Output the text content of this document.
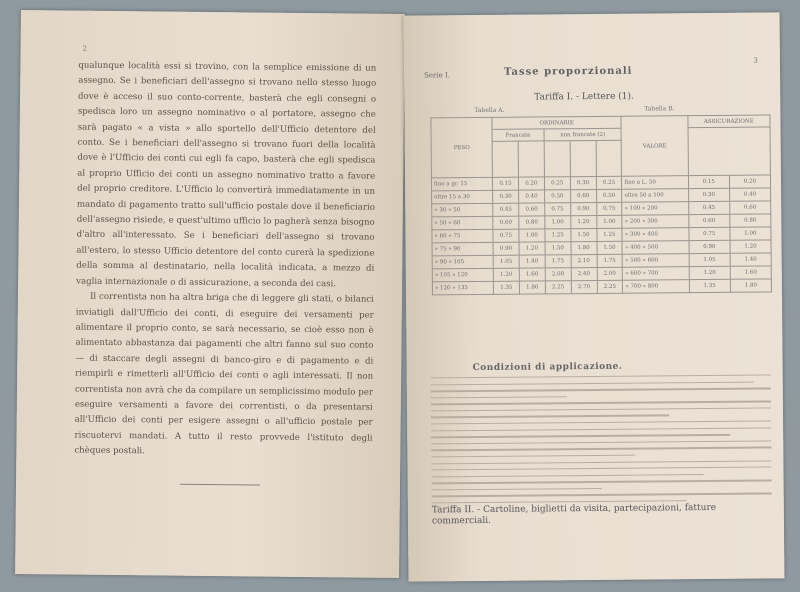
2

qualunque località essi si trovino, con la semplice emissione di un assegno. Se i beneficiari dell'assegno si trovano nello stesso luogo dove è acceso il suo conto-corrente, basterà che egli consegni o spedisca loro un assegno nominativo o al portatore, assegno che sarà pagato « a vista » allo sportello dell'Ufficio detentore del conto. Se i beneficiari dell'assegno si trovano fuori della località dove è l'Ufficio dei conti cui egli fa capo, basterà che egli spedisca al proprio Ufficio dei conti un assegno nominativo tratto a favore del proprio creditore. L'Ufficio lo convertirà immediatamente in un mandato di pagamento tratto sull'ufficio postale dove il beneficiario dell'assegno risiede, e quest'ultimo ufficio lo pagherà senza bisogno d'altro all'interessato. Se i beneficiari dell'assegno si trovano all'estero, lo stesso Ufficio detentore del conto curerà la spedizione della somma al destinatario, nella località indicata, a mezzo di vaglia internazionale o di assicurazione, a seconda dei casi.

Il correntista non ha altra briga che di leggere gli stati, o bilanci inviatigli dall'Ufficio dei conti, di eseguire dei versamenti per alimentare il proprio conto, se sarà necessario, se cioè esso non è alimentato abbastanza dai pagamenti che altri fanno sul suo conto — di staccare degli assegni di banco-giro e di pagamento e di riempirli e rimetterli all'Ufficio dei conti o agli interessati. Il non correntista non avrà che da compilare un semplicissimo modulo per eseguire versamenti a favore dei correntisti, o da presentarsi all'Ufficio dei conti per esigere assegni o all'ufficio postale per riscuotervi mandati. A tutto il resto provvede l'istituto degli chèques postali.

3
Serie I.	Tasse proporzionali
Tariffa I. - Lettere (1).
Tabella A.	Tabella B.
PESO	ORDINARIE					VALORE	ASSICURAZIONE	
	Francate		non francate (2)					

fino a gr. 15	0.15	0.20	0.25	0.30	0.25	fino a L. 50	0.15	0.20
oltre 15 a 30	0.30	0.40	0.50	0.60	0.50	oltre 50 a 100	0.30	0.40
» 30 » 50	0.45	0.60	0.75	0.90	0.75	» 100 » 200	0.45	0.60
» 50 » 60	0.60	0.80	1.00	1.20	1.00	» 200 » 300	0.60	0.80
» 60 » 75	0.75	1.00	1.25	1.50	1.25	» 300 » 400	0.75	1.00
» 75 » 90	0.90	1.20	1.50	1.80	1.50	» 400 » 500	0.90	1.20
» 90 » 105	1.05	1.40	1.75	2.10	1.75	» 500 » 600	1.05	1.40
» 105 » 120	1.20	1.60	2.00	2.40	2.00	» 600 » 700	1.20	1.60
» 120 » 135	1.35	1.80	2.25	2.70	2.25	» 700 » 800	1.35	1.80
Condizioni di applicazione.
Tariffa II. - Cartoline, biglietti da visita, partecipazioni, fatture commerciali.
